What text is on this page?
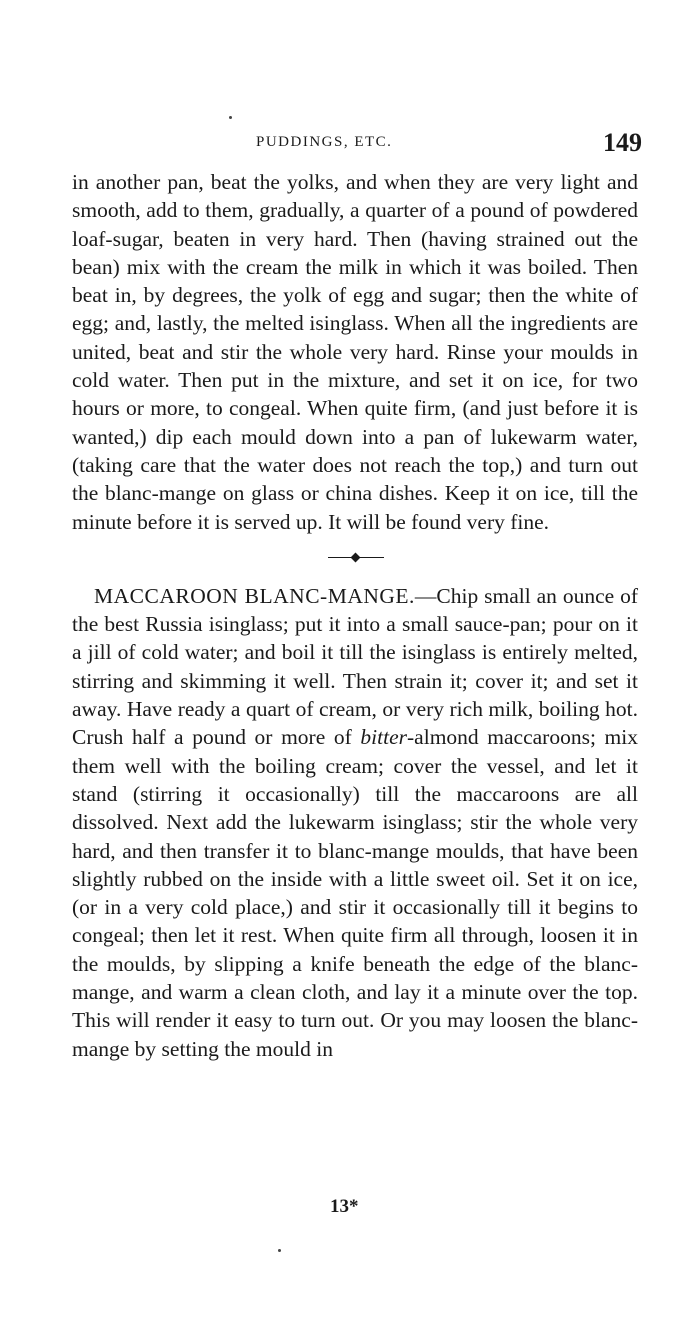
PUDDINGS, ETC.	149

in another pan, beat the yolks, and when they are very light and smooth, add to them, gradually, a quarter of a pound of powdered loaf-sugar, beaten in very hard. Then (having strained out the bean) mix with the cream the milk in which it was boiled. Then beat in, by degrees, the yolk of egg and sugar; then the white of egg; and, lastly, the melted isinglass. When all the ingredients are united, beat and stir the whole very hard. Rinse your moulds in cold water. Then put in the mixture, and set it on ice, for two hours or more, to congeal. When quite firm, (and just before it is wanted,) dip each mould down into a pan of lukewarm water, (taking care that the water does not reach the top,) and turn out the blanc-mange on glass or china dishes. Keep it on ice, till the minute before it is served up. It will be found very fine.

MACCAROON BLANC-MANGE.—Chip small an ounce of the best Russia isinglass; put it into a small sauce-pan; pour on it a jill of cold water; and boil it till the isinglass is entirely melted, stirring and skimming it well. Then strain it; cover it; and set it away. Have ready a quart of cream, or very rich milk, boiling hot. Crush half a pound or more of bitter-almond maccaroons; mix them well with the boiling cream; cover the vessel, and let it stand (stirring it occasionally) till the maccaroons are all dissolved. Next add the lukewarm isinglass; stir the whole very hard, and then transfer it to blanc-mange moulds, that have been slightly rubbed on the inside with a little sweet oil. Set it on ice, (or in a very cold place,) and stir it occasionally till it begins to congeal; then let it rest. When quite firm all through, loosen it in the moulds, by slipping a knife beneath the edge of the blanc-mange, and warm a clean cloth, and lay it a minute over the top. This will render it easy to turn out. Or you may loosen the blanc-mange by setting the mould in

13*
